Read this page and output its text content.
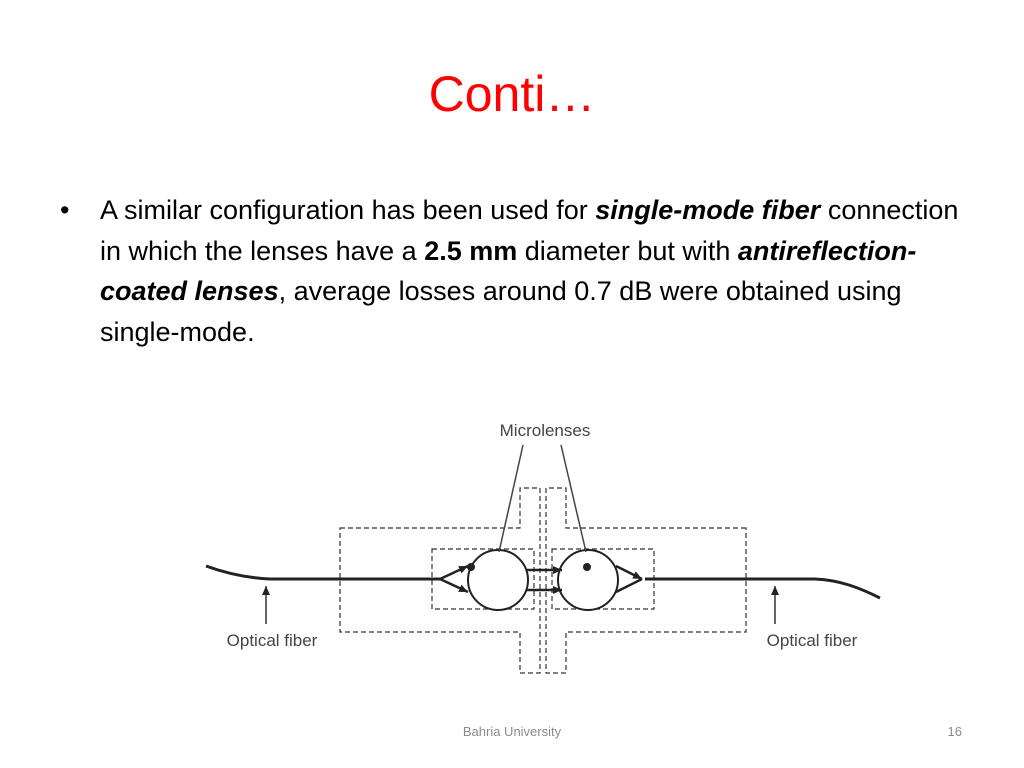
Conti…
• A similar configuration has been used for single-mode fiber connection in which the lenses have a 2.5 mm diameter but with antireflection-coated lenses, average losses around 0.7 dB were obtained using single-mode.
Microlenses
Optical fiber	Optical fiber
Bahria University	16
